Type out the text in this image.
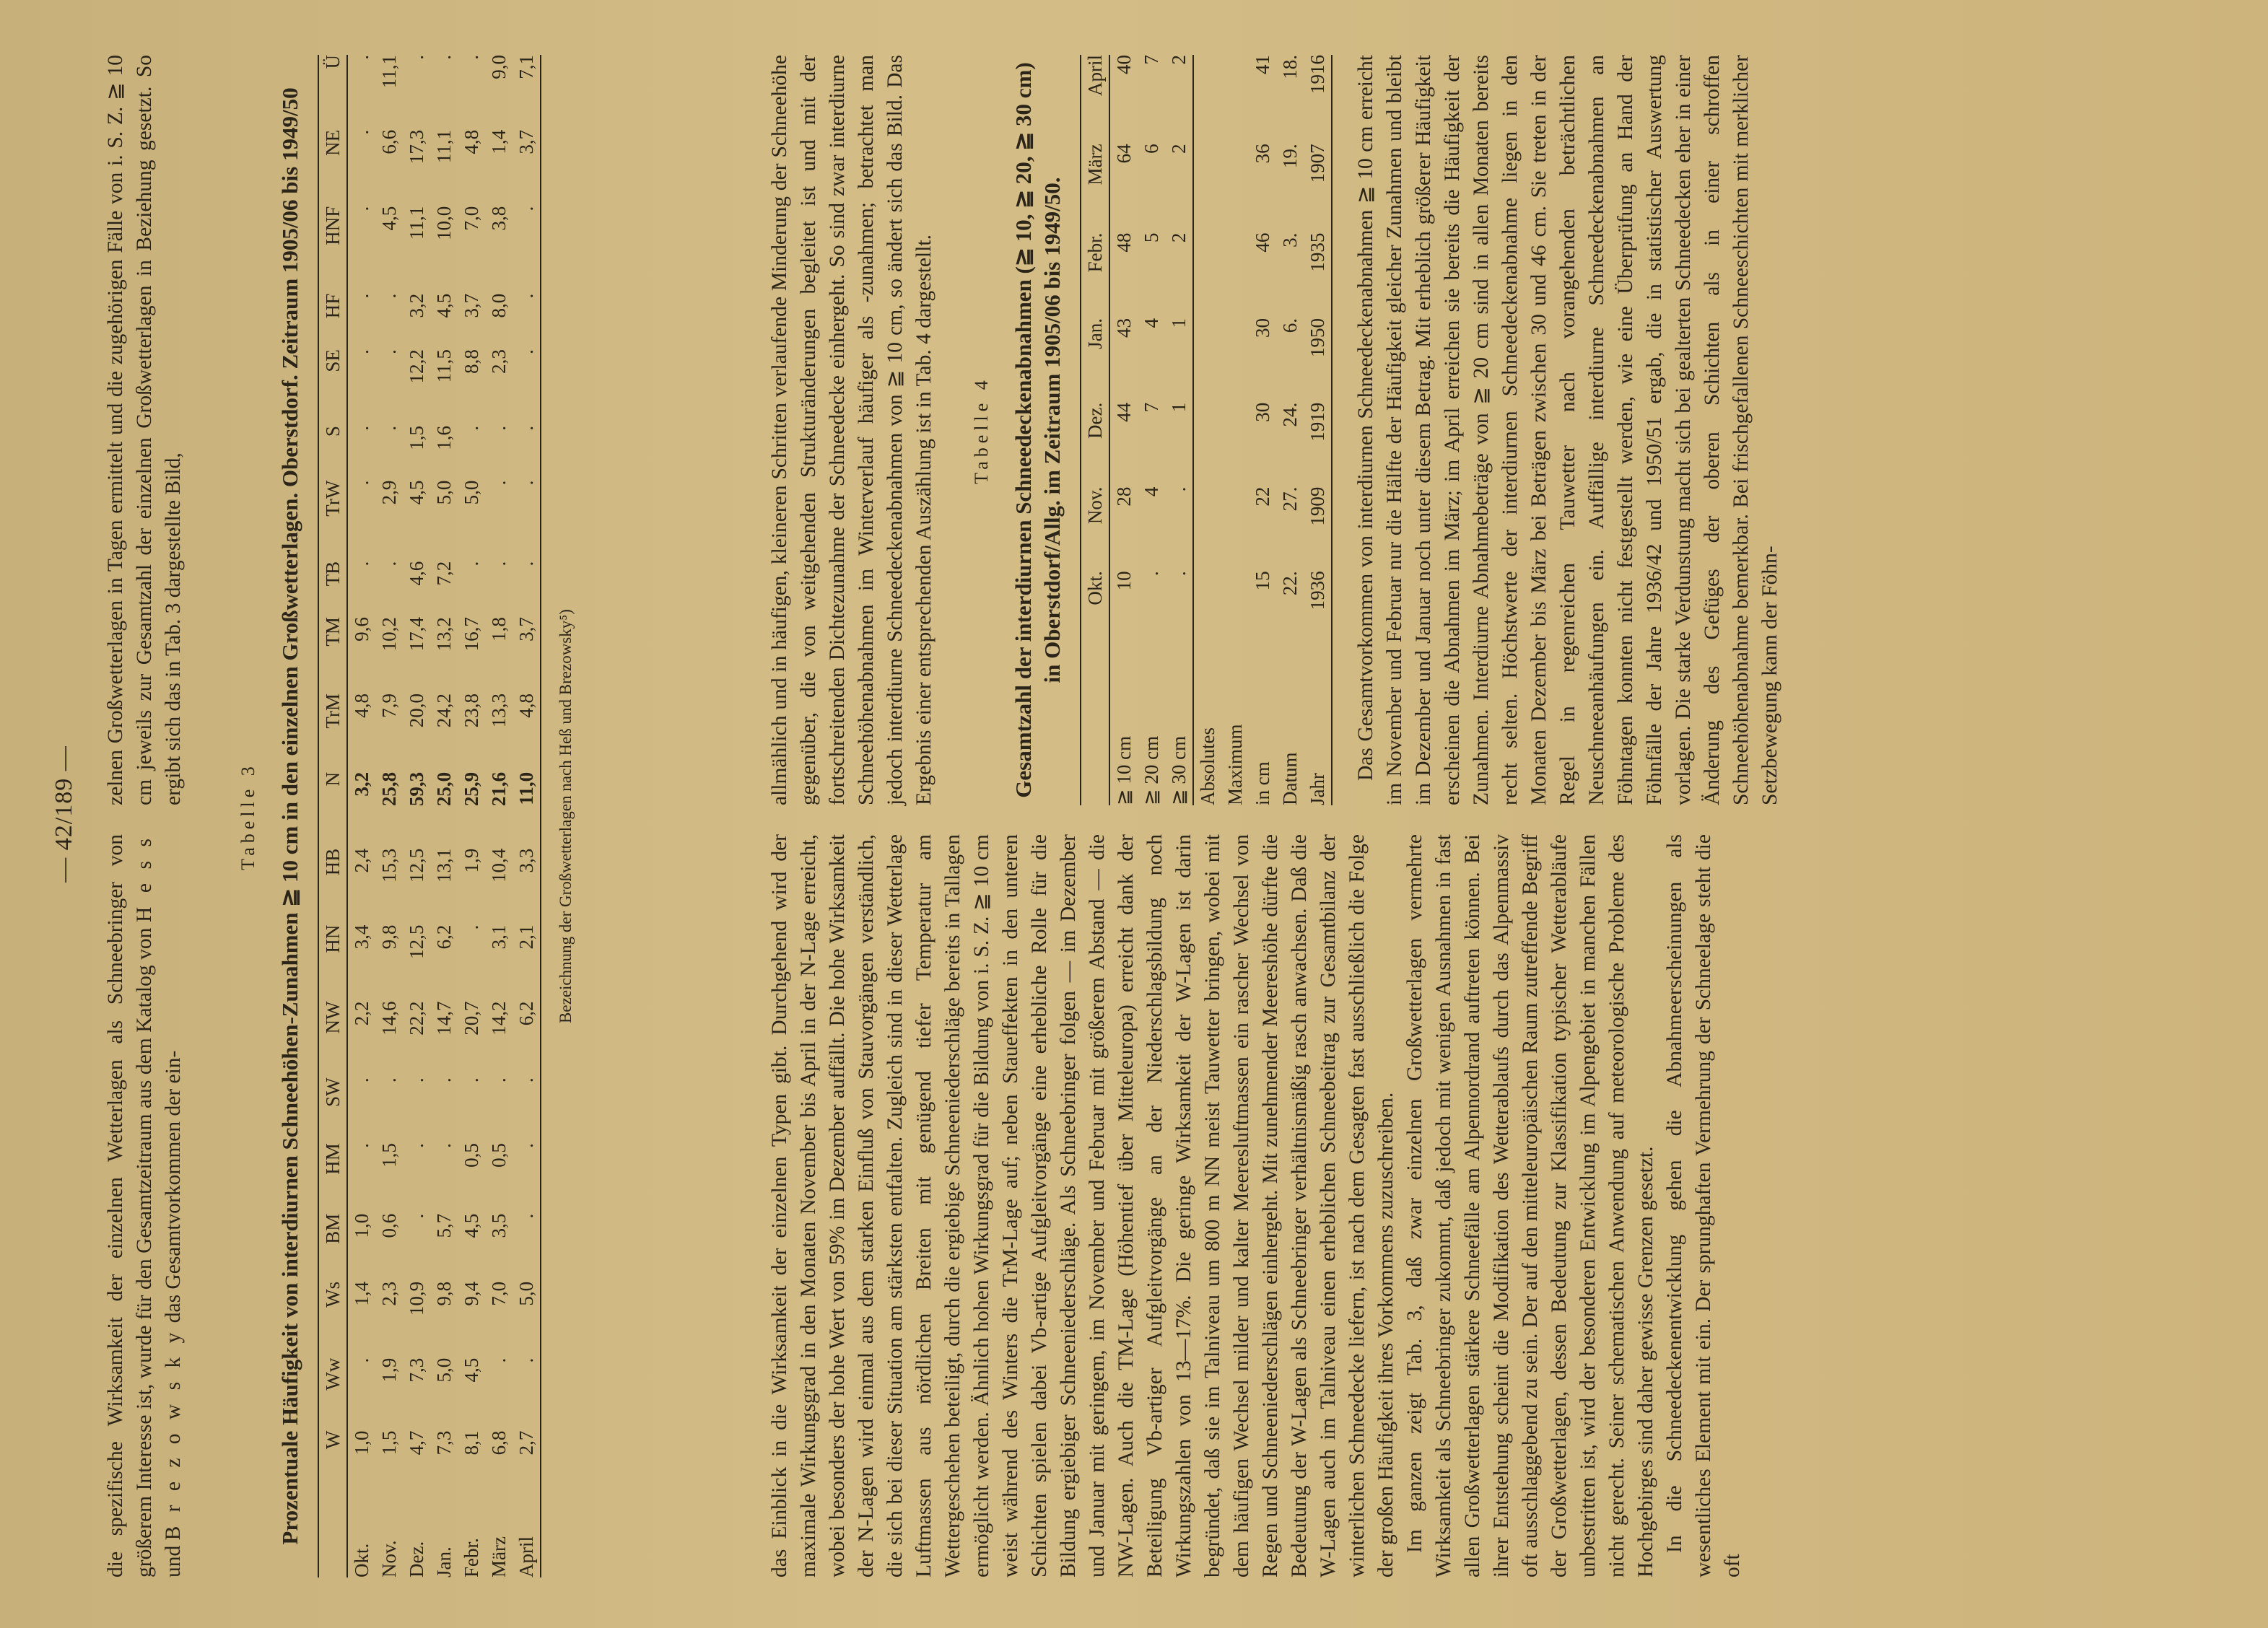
— 42/189 —

die spezifische Wirksamkeit der einzelnen Wetterlagen als Schneebringer von größerem Interesse ist, wurde für den Gesamtzeitraum aus dem Katalog von H e s s und B r e z o w s k y das Gesamtvorkommen der ein-

zelnen Großwetterlagen in Tagen ermittelt und die zugehörigen Fälle von i. S. Z. ≧ 10 cm jeweils zur Gesamtzahl der einzelnen Großwetterlagen in Beziehung gesetzt. So ergibt sich das in Tab. 3 dargestellte Bild,

Tabelle 3 Prozentuale Häufigkeit von interdiurnen Schneehöhen-Zunahmen ≧ 10 cm in den einzelnen Großwetterlagen. Oberstdorf. Zeitraum 1905/06 bis 1949/50
	W	Ww	Ws	BM	HM	SW	NW	HN	HB	N	TrM	TM	TB	TrW	S	SE	HF	HNF	NE	Ü
Okt.	1,0	.	1,4	1,0	.	.	2,2	3,4	2,4	3,2	4,8	9,6	.	.	.	.	.	.	.	.
Nov.	1,5	1,9	2,3	0,6	1,5	.	14,6	9,8	15,3	25,8	7,9	10,2	.	2,9	.	.	.	4,5	6,6	11,1
Dez.	4,7	7,3	10,9	.	.	.	22,2	12,5	12,5	59,3	20,0	17,4	4,6	4,5	1,5	12,2	3,2	11,1	17,3	.
Jan.	7,3	5,0	9,8	5,7	.	.	14,7	6,2	13,1	25,0	24,2	13,2	7,2	5,0	1,6	11,5	4,5	10,0	11,1	.
Febr.	8,1	4,5	9,4	4,5	0,5	.	20,7	.	1,9	25,9	23,8	16,7	.	5,0	.	8,8	3,7	7,0	4,8	.
März	6,8	.	7,0	3,5	0,5	.	14,2	3,1	10,4	21,6	13,3	1,8	.	.	.	2,3	8,0	3,8	1,4	9,0
April	2,7	.	5,0	.	.	.	6,2	2,1	3,3	11,0	4,8	3,7	.	.	.	.	.	.	3,7	7,1
Bezeichnung der Großwetterlagen nach Heß und Brezowsky⁵)

das Einblick in die Wirksamkeit der einzelnen Typen gibt. Durchgehend wird der maximale Wirkungsgrad in den Monaten November bis April in der N-Lage erreicht, wobei besonders der hohe Wert von 59% im Dezember auffällt. Die hohe Wirksamkeit der N-Lagen wird einmal aus dem starken Einfluß von Stauvorgängen verständlich, die sich bei dieser Situation am stärksten entfalten. Zugleich sind in dieser Wetterlage Luftmassen aus nördlichen Breiten mit genügend tiefer Temperatur am Wettergeschehen beteiligt, durch die ergiebige Schneeniederschläge bereits in Tallagen ermöglicht werden. Ähnlich hohen Wirkungsgrad für die Bildung von i. S. Z. ≧ 10 cm weist während des Winters die TrM-Lage auf; neben Staueffekten in den unteren Schichten spielen dabei Vb-artige Aufgleitvorgänge eine erhebliche Rolle für die Bildung ergiebiger Schneeniederschläge. Als Schneebringer folgen — im Dezember und Januar mit geringem, im November und Februar mit größerem Abstand — die NW-Lagen. Auch die TM-Lage (Höhentief über Mitteleuropa) erreicht dank der Beteiligung Vb-artiger Aufgleitvorgänge an der Niederschlagsbildung noch Wirkungszahlen von 13—17%. Die geringe Wirksamkeit der W-Lagen ist darin begründet, daß sie im Talniveau um 800 m NN meist Tauwetter bringen, wobei mit dem häufigen Wechsel milder und kalter Meeresluftmassen ein rascher Wechsel von Regen und Schneeniederschlägen einhergeht. Mit zunehmender Meereshöhe dürfte die Bedeutung der W-Lagen als Schneebringer verhältnismäßig rasch anwachsen. Daß die W-Lagen auch im Talniveau einen erheblichen Schneebeitrag zur Gesamtbilanz der winterlichen Schneedecke liefern, ist nach dem Gesagten fast ausschließlich die Folge der großen Häufigkeit ihres Vorkommens zuzuschreiben. Im ganzen zeigt Tab. 3, daß zwar einzelnen Großwetterlagen vermehrte Wirksamkeit als Schneebringer zukommt, daß jedoch mit wenigen Ausnahmen in fast allen Großwetterlagen stärkere Schneefälle am Alpennordrand auftreten können. Bei ihrer Entstehung scheint die Modifikation des Wetterablaufs durch das Alpenmassiv oft ausschlaggebend zu sein. Der auf den mitteleuropäischen Raum zutreffende Begriff der Großwetterlagen, dessen Bedeutung zur Klassifikation typischer Wetterabläufe unbestritten ist, wird der besonderen Entwicklung im Alpengebiet in manchen Fällen nicht gerecht. Seiner schematischen Anwendung auf meteorologische Probleme des Hochgebirges sind daher gewisse Grenzen gesetzt. In die Schneedeckenentwicklung gehen die Abnahmeerscheinungen als wesentliches Element mit ein. Der sprunghaften Vermehrung der Schneelage steht die oft

allmählich und in häufigen, kleineren Schritten verlaufende Minderung der Schneehöhe gegenüber, die von weitgehenden Strukturänderungen begleitet ist und mit der fortschreitenden Dichtezunahme der Schneedecke einhergeht. So sind zwar interdiurne Schneehöhenabnahmen im Winterverlauf häufiger als -zunahmen; betrachtet man jedoch interdiurne Schneedeckenabnahmen von ≧ 10 cm, so ändert sich das Bild. Das Ergebnis einer entsprechenden Auszählung ist in Tab. 4 dargestellt. Tabelle 4 Gesamtzahl der interdiurnen Schneedeckenabnahmen (≧ 10, ≧ 20, ≧ 30 cm) in Oberstdorf/Allg. im Zeitraum 1905/06 bis 1949/50.
	Okt.	Nov.	Dez.	Jan.	Febr.	März	April
≧ 10 cm	10	28	44	43	48	64	40
≧ 20 cm	.	4	7	4	5	6	7
≧ 30 cm	.	.	1	1	2	2	2
Absolutes							
Maximum							
in cm	15	22	30	30	46	36	41
Datum	22.	27.	24.	6.	3.	19.	18.
Jahr	1936	1909	1919	1950	1935	1907	1916 Das Gesamtvorkommen von interdiurnen Schneedeckenabnahmen ≧ 10 cm erreicht im November und Februar nur die Hälfte der Häufigkeit gleicher Zunahmen und bleibt im Dezember und Januar noch unter diesem Betrag. Mit erheblich größerer Häufigkeit erscheinen die Abnahmen im März; im April erreichen sie bereits die Häufigkeit der Zunahmen. Interdiurne Abnahmebeträge von ≧ 20 cm sind in allen Monaten bereits recht selten. Höchstwerte der interdiurnen Schneedeckenabnahme liegen in den Monaten Dezember bis März bei Beträgen zwischen 30 und 46 cm. Sie treten in der Regel in regenreichen Tauwetter nach vorangehenden beträchtlichen Neuschneeanhäufungen ein. Auffällige interdiurne Schneedeckenabnahmen an Föhntagen konnten nicht festgestellt werden, wie eine Überprüfung an Hand der Föhnfälle der Jahre 1936/42 und 1950/51 ergab, die in statistischer Auswertung vorlagen. Die starke Verdunstung macht sich bei gealterten Schneedecken eher in einer Änderung des Gefüges der oberen Schichten als in einer schroffen Schneehöhenabnahme bemerkbar. Bei frischgefallenen Schneeschichten mit merklicher Setzbewegung kann der Föhn-
